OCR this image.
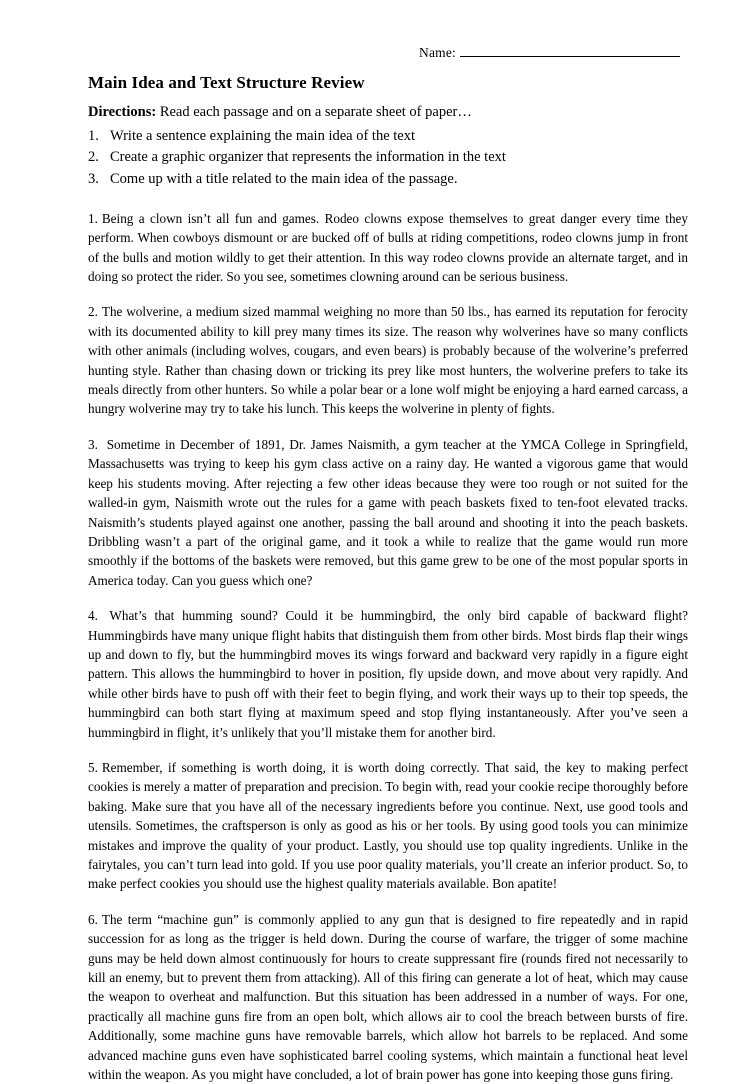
Name:
Main Idea and Text Structure Review

Directions: Read each passage and on a separate sheet of paper…

1. Write a sentence explaining the main idea of the text
2. Create a graphic organizer that represents the information in the text
3. Come up with a title related to the main idea of the passage.

1. Being a clown isn’t all fun and games. Rodeo clowns expose themselves to great danger every time they perform. When cowboys dismount or are bucked off of bulls at riding competitions, rodeo clowns jump in front of the bulls and motion wildly to get their attention. In this way rodeo clowns provide an alternate target, and in doing so protect the rider. So you see, sometimes clowning around can be serious business.

2. The wolverine, a medium sized mammal weighing no more than 50 lbs., has earned its reputation for ferocity with its documented ability to kill prey many times its size. The reason why wolverines have so many conflicts with other animals (including wolves, cougars, and even bears) is probably because of the wolverine’s preferred hunting style. Rather than chasing down or tricking its prey like most hunters, the wolverine prefers to take its meals directly from other hunters. So while a polar bear or a lone wolf might be enjoying a hard earned carcass, a hungry wolverine may try to take his lunch. This keeps the wolverine in plenty of fights.

3. Sometime in December of 1891, Dr. James Naismith, a gym teacher at the YMCA College in Springfield, Massachusetts was trying to keep his gym class active on a rainy day. He wanted a vigorous game that would keep his students moving. After rejecting a few other ideas because they were too rough or not suited for the walled-in gym, Naismith wrote out the rules for a game with peach baskets fixed to ten-foot elevated tracks. Naismith’s students played against one another, passing the ball around and shooting it into the peach baskets. Dribbling wasn’t a part of the original game, and it took a while to realize that the game would run more smoothly if the bottoms of the baskets were removed, but this game grew to be one of the most popular sports in America today. Can you guess which one?

4. What’s that humming sound? Could it be hummingbird, the only bird capable of backward flight? Hummingbirds have many unique flight habits that distinguish them from other birds. Most birds flap their wings up and down to fly, but the hummingbird moves its wings forward and backward very rapidly in a figure eight pattern. This allows the hummingbird to hover in position, fly upside down, and move about very rapidly. And while other birds have to push off with their feet to begin flying, and work their ways up to their top speeds, the hummingbird can both start flying at maximum speed and stop flying instantaneously. After you’ve seen a hummingbird in flight, it’s unlikely that you’ll mistake them for another bird.

5. Remember, if something is worth doing, it is worth doing correctly. That said, the key to making perfect cookies is merely a matter of preparation and precision. To begin with, read your cookie recipe thoroughly before baking. Make sure that you have all of the necessary ingredients before you continue. Next, use good tools and utensils. Sometimes, the craftsperson is only as good as his or her tools. By using good tools you can minimize mistakes and improve the quality of your product. Lastly, you should use top quality ingredients. Unlike in the fairytales, you can’t turn lead into gold. If you use poor quality materials, you’ll create an inferior product. So, to make perfect cookies you should use the highest quality materials available. Bon apatite!

6. The term “machine gun” is commonly applied to any gun that is designed to fire repeatedly and in rapid succession for as long as the trigger is held down. During the course of warfare, the trigger of some machine guns may be held down almost continuously for hours to create suppressant fire (rounds fired not necessarily to kill an enemy, but to prevent them from attacking). All of this firing can generate a lot of heat, which may cause the weapon to overheat and malfunction. But this situation has been addressed in a number of ways. For one, practically all machine guns fire from an open bolt, which allows air to cool the breach between bursts of fire. Additionally, some machine guns have removable barrels, which allow hot barrels to be replaced. And some advanced machine guns even have sophisticated barrel cooling systems, which maintain a functional heat level within the weapon. As you might have concluded, a lot of brain power has gone into keeping those guns firing.
